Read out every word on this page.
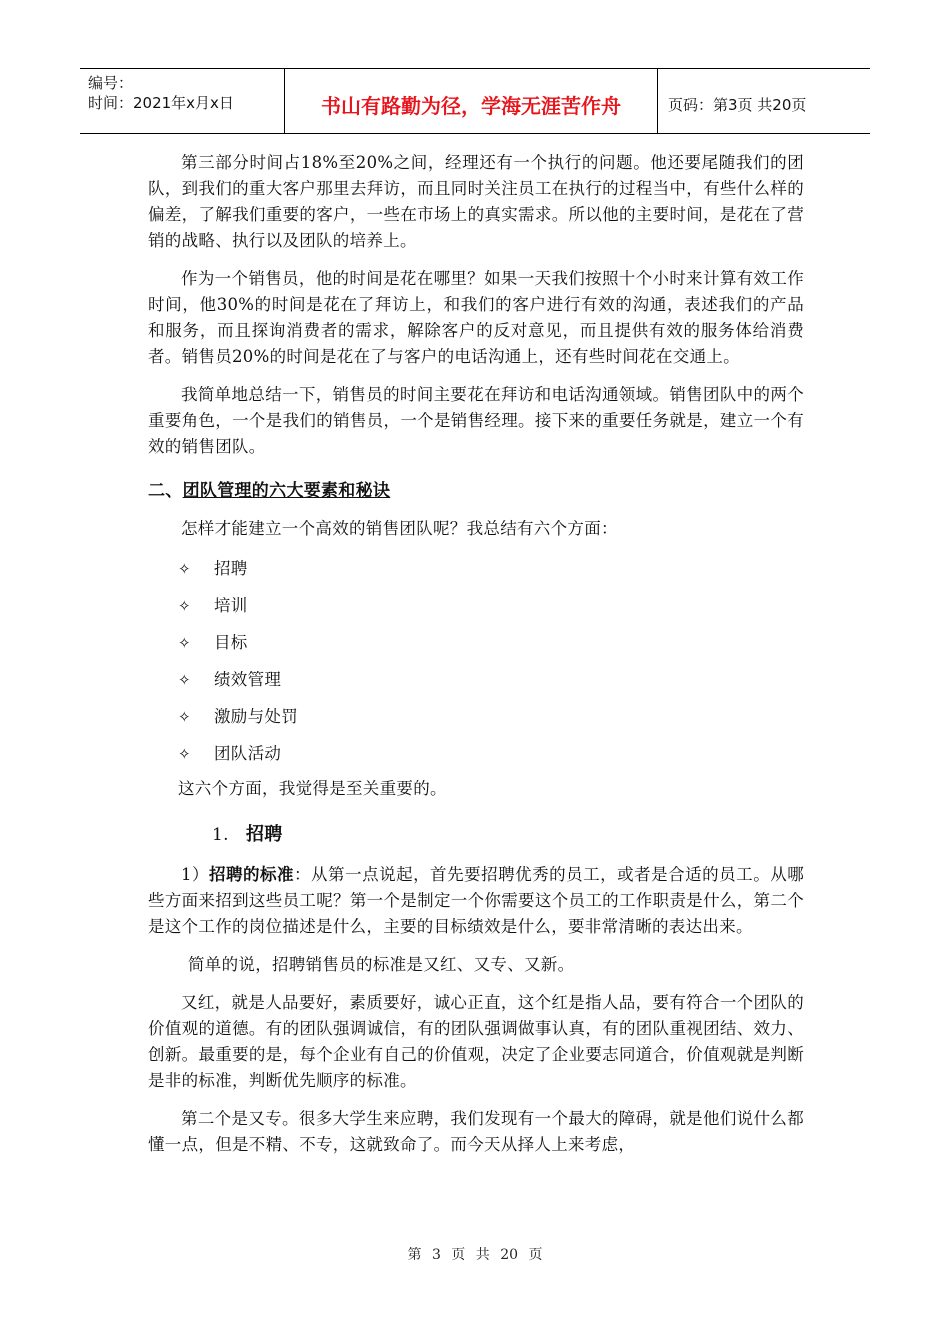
编号：
时间：2021年x月x日	书山有路勤为径，学海无涯苦作舟	页码：第3页 共20页

第三部分时间占18%至20%之间，经理还有一个执行的问题。他还要尾随我们的团队，到我们的重大客户那里去拜访，而且同时关注员工在执行的过程当中，有些什么样的偏差，了解我们重要的客户，一些在市场上的真实需求。所以他的主要时间，是花在了营销的战略、执行以及团队的培养上。

作为一个销售员，他的时间是花在哪里？如果一天我们按照十个小时来计算有效工作时间，他30%的时间是花在了拜访上，和我们的客户进行有效的沟通，表述我们的产品和服务，而且探询消费者的需求，解除客户的反对意见，而且提供有效的服务体给消费者。销售员20%的时间是花在了与客户的电话沟通上，还有些时间花在交通上。

我简单地总结一下，销售员的时间主要花在拜访和电话沟通领域。销售团队中的两个重要角色，一个是我们的销售员，一个是销售经理。接下来的重要任务就是，建立一个有效的销售团队。

二、团队管理的六大要素和秘诀
怎样才能建立一个高效的销售团队呢？我总结有六个方面：
✧ 招聘
✧ 培训
✧ 目标
✧ 绩效管理
✧ 激励与处罚
✧ 团队活动
这六个方面，我觉得是至关重要的。
1. 招聘

1）招聘的标准：从第一点说起，首先要招聘优秀的员工，或者是合适的员工。从哪些方面来招到这些员工呢？第一个是制定一个你需要这个员工的工作职责是什么，第二个是这个工作的岗位描述是什么，主要的目标绩效是什么，要非常清晰的表达出来。

简单的说，招聘销售员的标准是又红、又专、又新。

又红，就是人品要好，素质要好，诚心正直，这个红是指人品，要有符合一个团队的价值观的道德。有的团队强调诚信，有的团队强调做事认真，有的团队重视团结、效力、创新。最重要的是，每个企业有自己的价值观，决定了企业要志同道合，价值观就是判断是非的标准，判断优先顺序的标准。

第二个是又专。很多大学生来应聘，我们发现有一个最大的障碍，就是他们说什么都懂一点，但是不精、不专，这就致命了。而今天从择人上来考虑，

第 3 页 共 20 页
